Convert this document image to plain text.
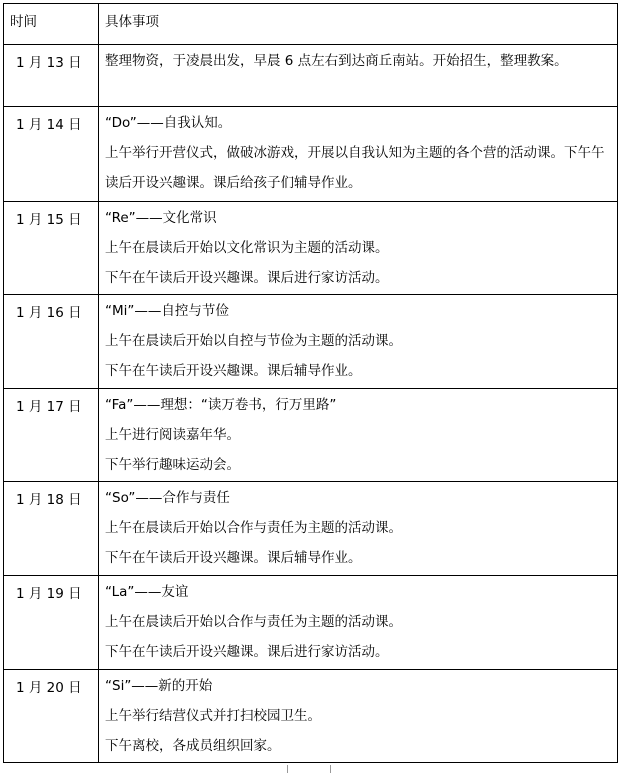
时间	具体事项
1 月 13 日	整理物资，于凌晨出发，早晨 6 点左右到达商丘南站。开始招生，整理教案。

1 月 14 日	“Do”——自我认知。
上午举行开营仪式，做破冰游戏，开展以自我认知为主题的各个营的活动课。下午午读后开设兴趣课。课后给孩子们辅导作业。

1 月 15 日	“Re”——文化常识
上午在晨读后开始以文化常识为主题的活动课。
下午在午读后开设兴趣课。课后进行家访活动。

1 月 16 日	“Mi”——自控与节俭
上午在晨读后开始以自控与节俭为主题的活动课。
下午在午读后开设兴趣课。课后辅导作业。

1 月 17 日	“Fa”——理想：“读万卷书，行万里路”
上午进行阅读嘉年华。
下午举行趣味运动会。

1 月 18 日	“So”——合作与责任
上午在晨读后开始以合作与责任为主题的活动课。
下午在午读后开设兴趣课。课后辅导作业。

1 月 19 日	“La”——友谊
上午在晨读后开始以合作与责任为主题的活动课。
下午在午读后开设兴趣课。课后进行家访活动。

1 月 20 日	“Si”——新的开始
上午举行结营仪式并打扫校园卫生。
下午离校，各成员组织回家。
